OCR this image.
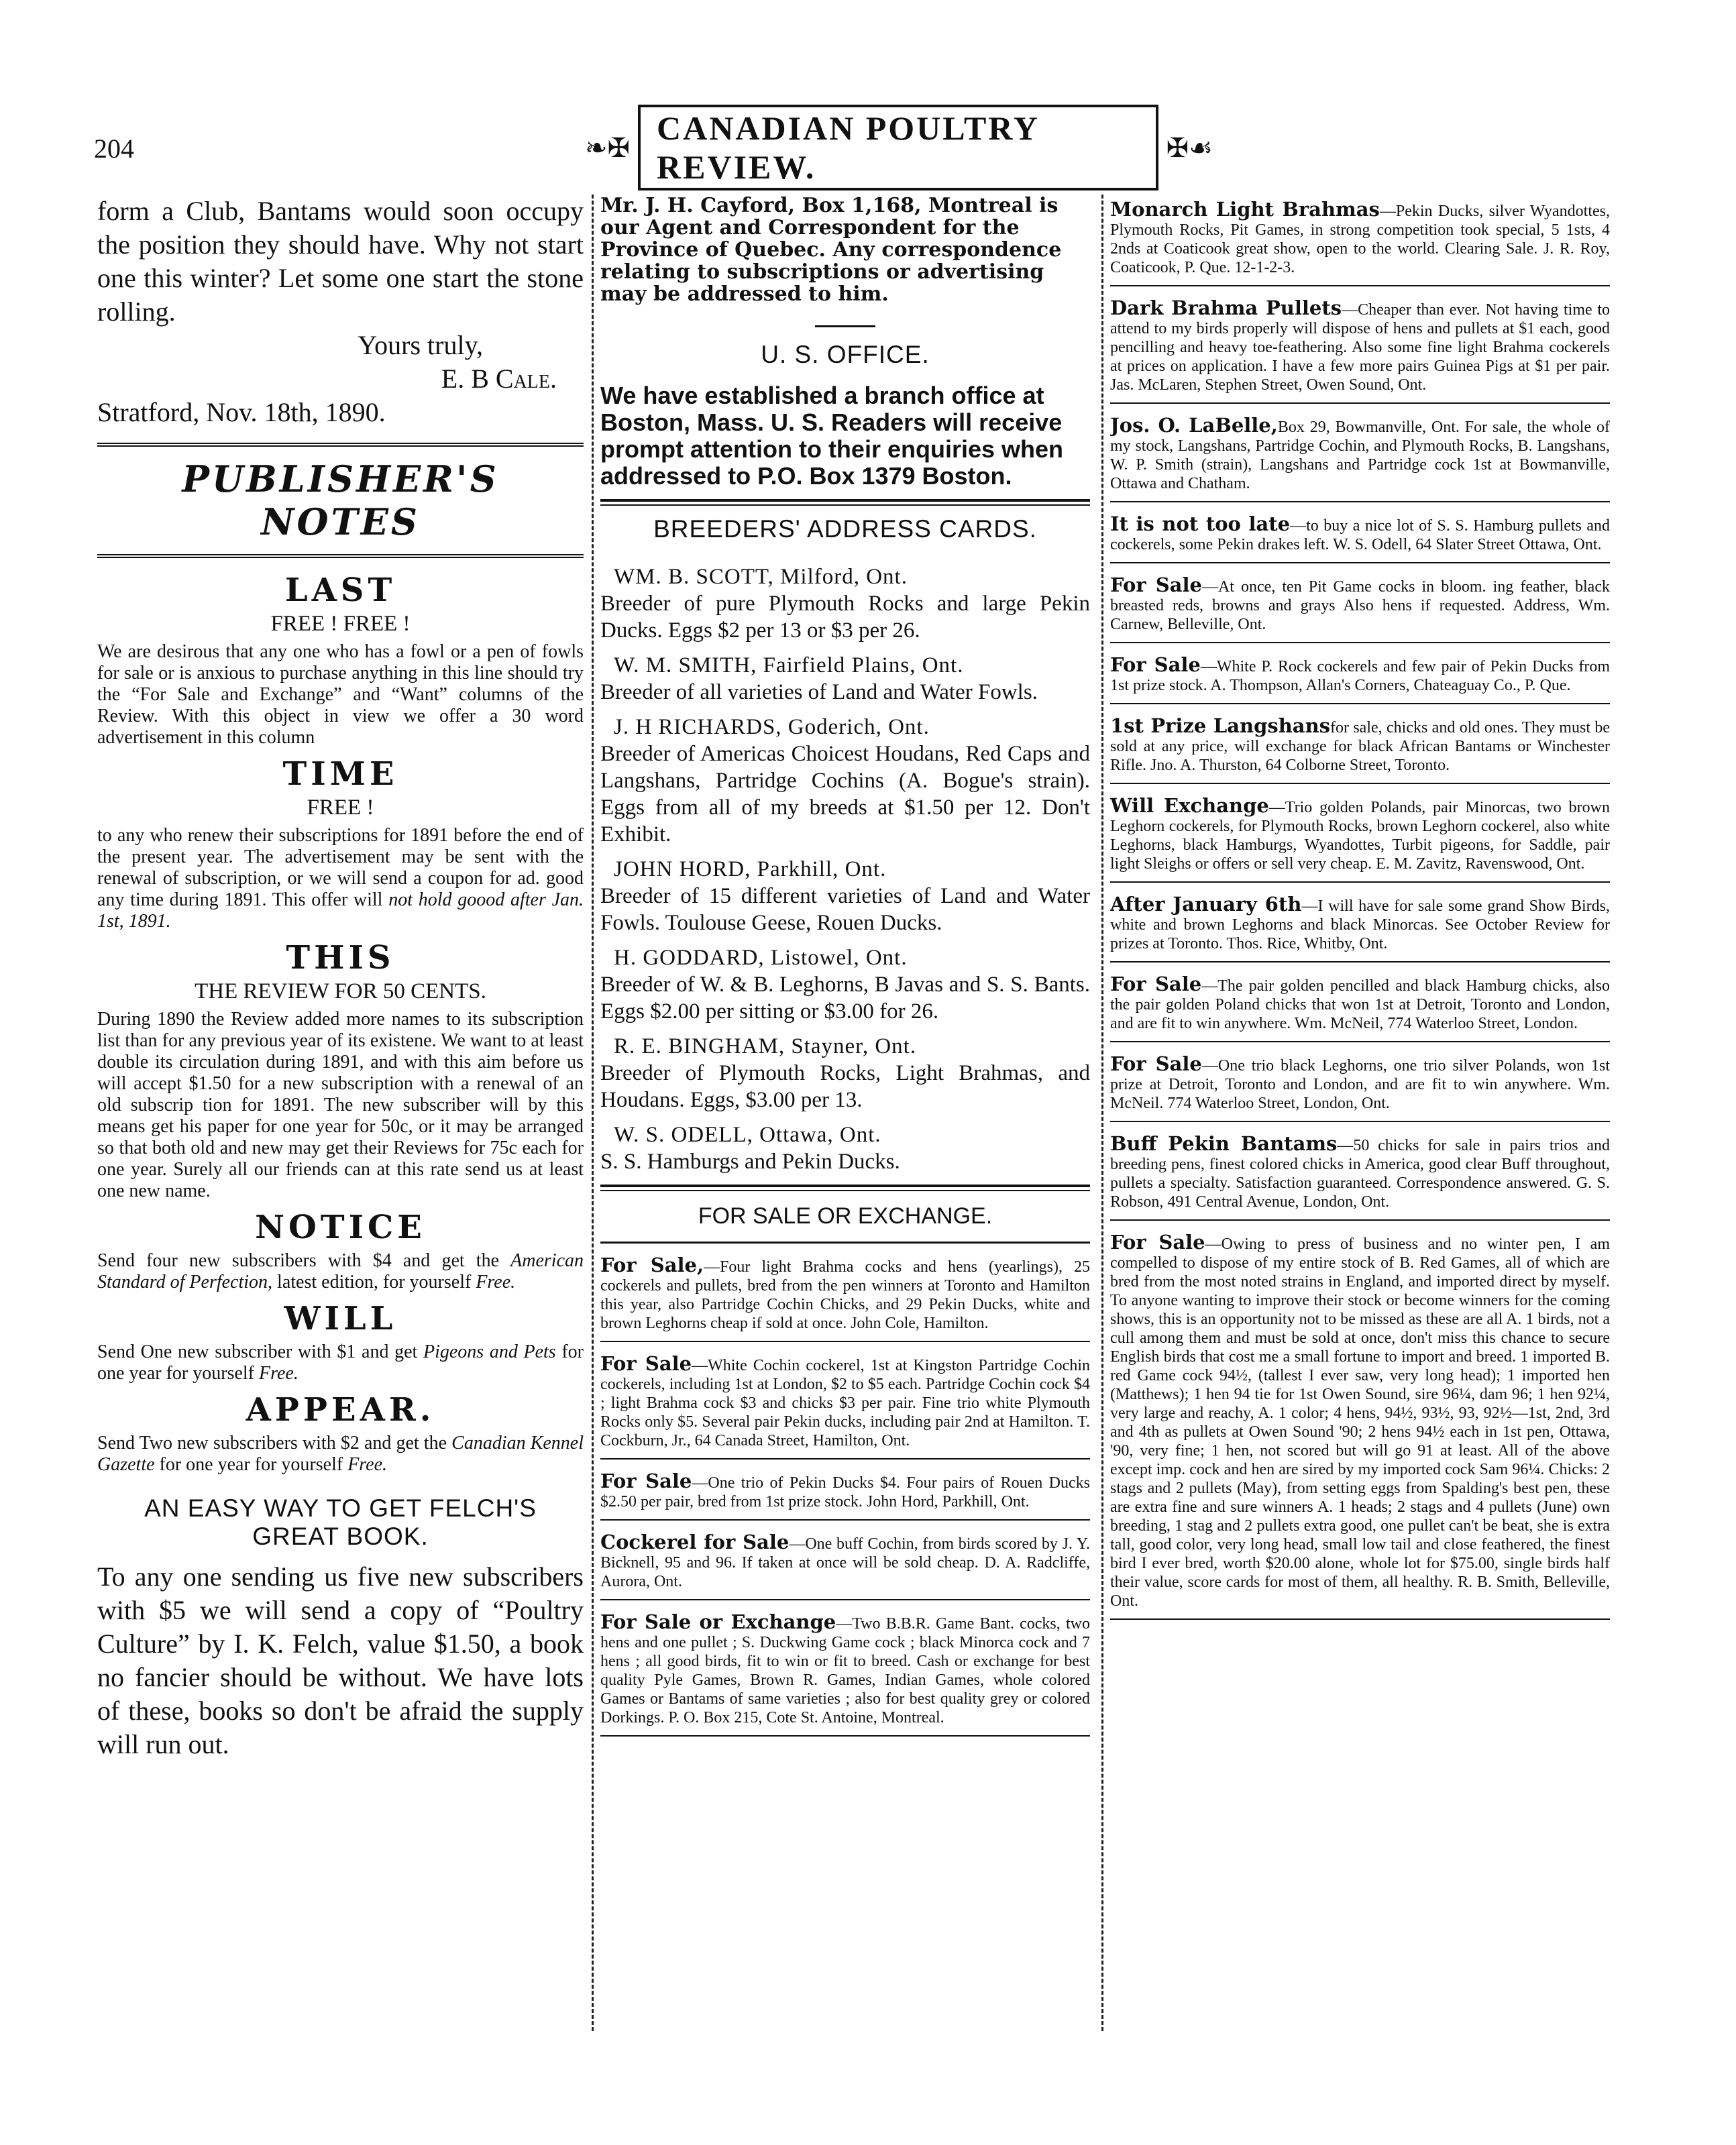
204	❧✠
CANADIAN POULTRY REVIEW.
✠☙
form a Club, Bantams would soon occupy the position they should have. Why not start one this winter? Let some one start the stone rolling.
Yours truly,
E. B Cale.
Stratford, Nov. 18th, 1890.
PUBLISHER'S NOTES
LAST
FREE ! FREE !
We are desirous that any one who has a fowl or a pen of fowls for sale or is anxious to purchase anything in this line should try the “For Sale and Exchange” and “Want” columns of the Review. With this object in view we offer a 30 word advertisement in this column
TIME
FREE !
to any who renew their subscriptions for 1891 before the end of the present year. The advertisement may be sent with the renewal of subscription, or we will send a coupon for ad. good any time during 1891. This offer will not hold goood after Jan. 1st, 1891.
THIS
THE REVIEW FOR 50 CENTS.
During 1890 the Review added more names to its subscription list than for any previous year of its existene. We want to at least double its circulation during 1891, and with this aim before us will accept $1.50 for a new subscription with a renewal of an old subscrip tion for 1891. The new subscriber will by this means get his paper for one year for 50c, or it may be arranged so that both old and new may get their Reviews for 75c each for one year. Surely all our friends can at this rate send us at least one new name.
NOTICE
Send four new subscribers with $4 and get the American Standard of Perfection, latest edition, for yourself Free.
WILL
Send One new subscriber with $1 and get Pigeons and Pets for one year for yourself Free.
APPEAR.
Send Two new subscribers with $2 and get the Canadian Kennel Gazette for one year for yourself Free.
AN EASY WAY TO GET FELCH'S GREAT BOOK.
To any one sending us five new subscribers with $5 we will send a copy of “Poultry Culture” by I. K. Felch, value $1.50, a book no fancier should be without. We have lots of these, books so don't be afraid the supply will run out.
Mr. J. H. Cayford, Box 1,168, Montreal is our Agent and Correspondent for the Province of Quebec. Any correspondence relating to subscriptions or advertising may be addressed to him.
U. S. OFFICE.
We have established a branch office at Boston, Mass. U. S. Readers will receive prompt attention to their enquiries when addressed to P.O. Box 1379 Boston.
BREEDERS' ADDRESS CARDS.
WM. B. SCOTT, Milford, Ont.
Breeder of pure Plymouth Rocks and large Pekin Ducks. Eggs $2 per 13 or $3 per 26.
W. M. SMITH, Fairfield Plains, Ont.
Breeder of all varieties of Land and Water Fowls.
J. H RICHARDS, Goderich, Ont.
Breeder of Americas Choicest Houdans, Red Caps and Langshans, Partridge Cochins (A. Bogue's strain). Eggs from all of my breeds at $1.50 per 12. Don't Exhibit.
JOHN HORD, Parkhill, Ont.
Breeder of 15 different varieties of Land and Water Fowls. Toulouse Geese, Rouen Ducks.
H. GODDARD, Listowel, Ont.
Breeder of W. & B. Leghorns, B Javas and S. S. Bants. Eggs $2.00 per sitting or $3.00 for 26.
R. E. BINGHAM, Stayner, Ont.
Breeder of Plymouth Rocks, Light Brahmas, and Houdans. Eggs, $3.00 per 13.
W. S. ODELL, Ottawa, Ont.
S. S. Hamburgs and Pekin Ducks.
FOR SALE OR EXCHANGE.
For Sale,—Four light Brahma cocks and hens (yearlings), 25 cockerels and pullets, bred from the pen winners at Toronto and Hamilton this year, also Partridge Cochin Chicks, and 29 Pekin Ducks, white and brown Leghorns cheap if sold at once. John Cole, Hamilton.
For Sale—White Cochin cockerel, 1st at Kingston Partridge Cochin cockerels, including 1st at London, $2 to $5 each. Partridge Cochin cock $4 ; light Brahma cock $3 and chicks $3 per pair. Fine trio white Plymouth Rocks only $5. Several pair Pekin ducks, including pair 2nd at Hamilton. T. Cockburn, Jr., 64 Canada Street, Hamilton, Ont.
For Sale—One trio of Pekin Ducks $4. Four pairs of Rouen Ducks $2.50 per pair, bred from 1st prize stock. John Hord, Parkhill, Ont.
Cockerel for Sale—One buff Cochin, from birds scored by J. Y. Bicknell, 95 and 96. If taken at once will be sold cheap. D. A. Radcliffe, Aurora, Ont.
For Sale or Exchange—Two B.B.R. Game Bant. cocks, two hens and one pullet ; S. Duckwing Game cock ; black Minorca cock and 7 hens ; all good birds, fit to win or fit to breed. Cash or exchange for best quality Pyle Games, Brown R. Games, Indian Games, whole colored Games or Bantams of same varieties ; also for best quality grey or colored Dorkings. P. O. Box 215, Cote St. Antoine, Montreal.
Monarch Light Brahmas—Pekin Ducks, silver Wyandottes, Plymouth Rocks, Pit Games, in strong competition took special, 5 1sts, 4 2nds at Coaticook great show, open to the world. Clearing Sale. J. R. Roy, Coaticook, P. Que. 12-1-2-3.
Dark Brahma Pullets—Cheaper than ever. Not having time to attend to my birds properly will dispose of hens and pullets at $1 each, good pencilling and heavy toe-feathering. Also some fine light Brahma cockerels at prices on application. I have a few more pairs Guinea Pigs at $1 per pair. Jas. McLaren, Stephen Street, Owen Sound, Ont.
Jos. O. LaBelle,Box 29, Bowmanville, Ont. For sale, the whole of my stock, Langshans, Partridge Cochin, and Plymouth Rocks, B. Langshans, W. P. Smith (strain), Langshans and Partridge cock 1st at Bowmanville, Ottawa and Chatham.
It is not too late—to buy a nice lot of S. S. Hamburg pullets and cockerels, some Pekin drakes left. W. S. Odell, 64 Slater Street Ottawa, Ont.
For Sale—At once, ten Pit Game cocks in bloom. ing feather, black breasted reds, browns and grays Also hens if requested. Address, Wm. Carnew, Belleville, Ont.
For Sale—White P. Rock cockerels and few pair of Pekin Ducks from 1st prize stock. A. Thompson, Allan's Corners, Chateaguay Co., P. Que.
1st Prize Langshansfor sale, chicks and old ones. They must be sold at any price, will exchange for black African Bantams or Winchester Rifle. Jno. A. Thurston, 64 Colborne Street, Toronto.
Will Exchange—Trio golden Polands, pair Minorcas, two brown Leghorn cockerels, for Plymouth Rocks, brown Leghorn cockerel, also white Leghorns, black Hamburgs, Wyandottes, Turbit pigeons, for Saddle, pair light Sleighs or offers or sell very cheap. E. M. Zavitz, Ravenswood, Ont.
After January 6th—I will have for sale some grand Show Birds, white and brown Leghorns and black Minorcas. See October Review for prizes at Toronto. Thos. Rice, Whitby, Ont.
For Sale—The pair golden pencilled and black Hamburg chicks, also the pair golden Poland chicks that won 1st at Detroit, Toronto and London, and are fit to win anywhere. Wm. McNeil, 774 Waterloo Street, London.
For Sale—One trio black Leghorns, one trio silver Polands, won 1st prize at Detroit, Toronto and London, and are fit to win anywhere. Wm. McNeil. 774 Waterloo Street, London, Ont.
Buff Pekin Bantams—50 chicks for sale in pairs trios and breeding pens, finest colored chicks in America, good clear Buff throughout, pullets a specialty. Satisfaction guaranteed. Correspondence answered. G. S. Robson, 491 Central Avenue, London, Ont.
For Sale—Owing to press of business and no winter pen, I am compelled to dispose of my entire stock of B. Red Games, all of which are bred from the most noted strains in England, and imported direct by myself. To anyone wanting to improve their stock or become winners for the coming shows, this is an opportunity not to be missed as these are all A. 1 birds, not a cull among them and must be sold at once, don't miss this chance to secure English birds that cost me a small fortune to import and breed. 1 imported B. red Game cock 94½, (tallest I ever saw, very long head); 1 imported hen (Matthews); 1 hen 94 tie for 1st Owen Sound, sire 96¼, dam 96; 1 hen 92¼, very large and reachy, A. 1 color; 4 hens, 94½, 93½, 93, 92½—1st, 2nd, 3rd and 4th as pullets at Owen Sound '90; 2 hens 94½ each in 1st pen, Ottawa, '90, very fine; 1 hen, not scored but will go 91 at least. All of the above except imp. cock and hen are sired by my imported cock Sam 96¼. Chicks: 2 stags and 2 pullets (May), from setting eggs from Spalding's best pen, these are extra fine and sure winners A. 1 heads; 2 stags and 4 pullets (June) own breeding, 1 stag and 2 pullets extra good, one pullet can't be beat, she is extra tall, good color, very long head, small low tail and close feathered, the finest bird I ever bred, worth $20.00 alone, whole lot for $75.00, single birds half their value, score cards for most of them, all healthy. R. B. Smith, Belleville, Ont.
